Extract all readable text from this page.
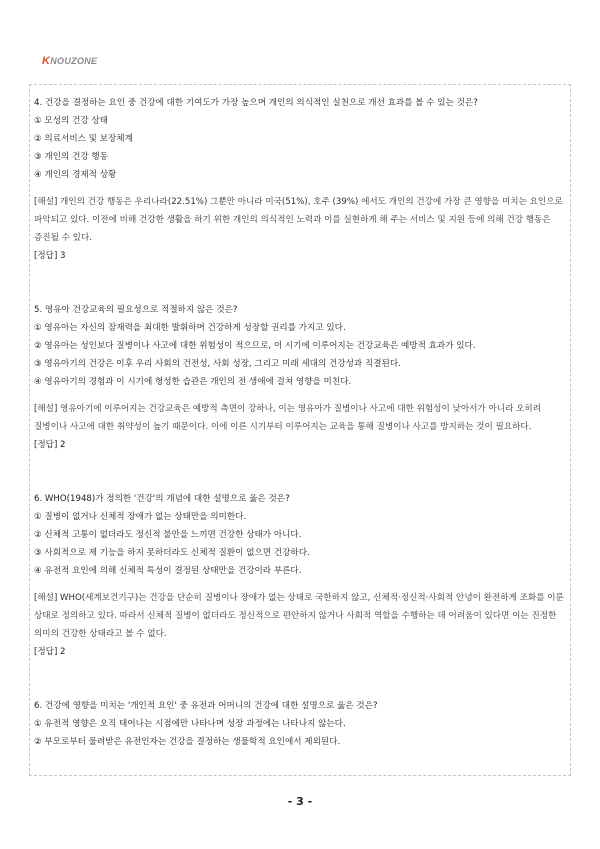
KNOUZONE

4. 건강을 결정하는 요인 중 건강에 대한 기여도가 가장 높으며 개인의 의식적인 실천으로 개선 효과를 볼 수 있는 것은?

① 모성의 건강 상태

② 의료서비스 및 보장체계

③ 개인의 건강 행동

④ 개인의 경제적 상황

[해설] 개인의 건강 행동은 우리나라(22.51%) 그뿐만 아니라 미국(51%), 호주 (39%) 에서도 개인의 건강에 가장 큰 영향을 미치는 요인으로 파악되고 있다. 이전에 비해 건강한 생활을 하기 위한 개인의 의식적인 노력과 이를 실현하게 해 주는 서비스 및 지원 등에 의해 건강 행동은 증진될 수 있다.

[정답] 3

5. 영유아 건강교육의 필요성으로 적절하지 않은 것은?

① 영유아는 자신의 잠재력을 최대한 발휘하며 건강하게 성장할 권리를 가지고 있다.

② 영유아는 성인보다 질병이나 사고에 대한 위험성이 적으므로, 이 시기에 이루어지는 건강교육은 예방적 효과가 있다.

③ 영유아기의 건강은 이후 우리 사회의 건전성, 사회 성장, 그리고 미래 세대의 건강성과 직결된다.

④ 영유아기의 경험과 이 시기에 형성한 습관은 개인의 전 생애에 걸쳐 영향을 미친다.

[해설] 영유아기에 이루어지는 건강교육은 예방적 측면이 강하나, 이는 영유아가 질병이나 사고에 대한 위험성이 낮아서가 아니라 오히려 질병이나 사고에 대한 취약성이 높기 때문이다. 이에 이른 시기부터 이루어지는 교육을 통해 질병이나 사고를 방지하는 것이 필요하다.

[정답] 2

6. WHO(1948)가 정의한 '건강'의 개념에 대한 설명으로 옳은 것은?

① 질병이 없거나 신체적 장애가 없는 상태만을 의미한다.

② 신체적 고통이 없더라도 정신적 불안을 느끼면 건강한 상태가 아니다.

③ 사회적으로 제 기능을 하지 못하더라도 신체적 질환이 없으면 건강하다.

④ 유전적 요인에 의해 신체적 특성이 결정된 상태만을 건강이라 부른다.

[해설] WHO(세계보건기구)는 건강을 단순히 질병이나 장애가 없는 상태로 국한하지 않고, 신체적·정신적·사회적 안녕이 완전하게 조화를 이룬 상태로 정의하고 있다. 따라서 신체적 질병이 없더라도 정신적으로 편안하지 않거나 사회적 역할을 수행하는 데 어려움이 있다면 이는 진정한 의미의 건강한 상태라고 볼 수 없다.

[정답] 2

6. 건강에 영향을 미치는 '개인적 요인' 중 유전과 어머니의 건강에 대한 설명으로 옳은 것은?

① 유전적 영향은 오직 태어나는 시점에만 나타나며 성장 과정에는 나타나지 않는다.

② 부모로부터 물려받은 유전인자는 건강을 결정하는 생물학적 요인에서 제외된다.

- 3 -
